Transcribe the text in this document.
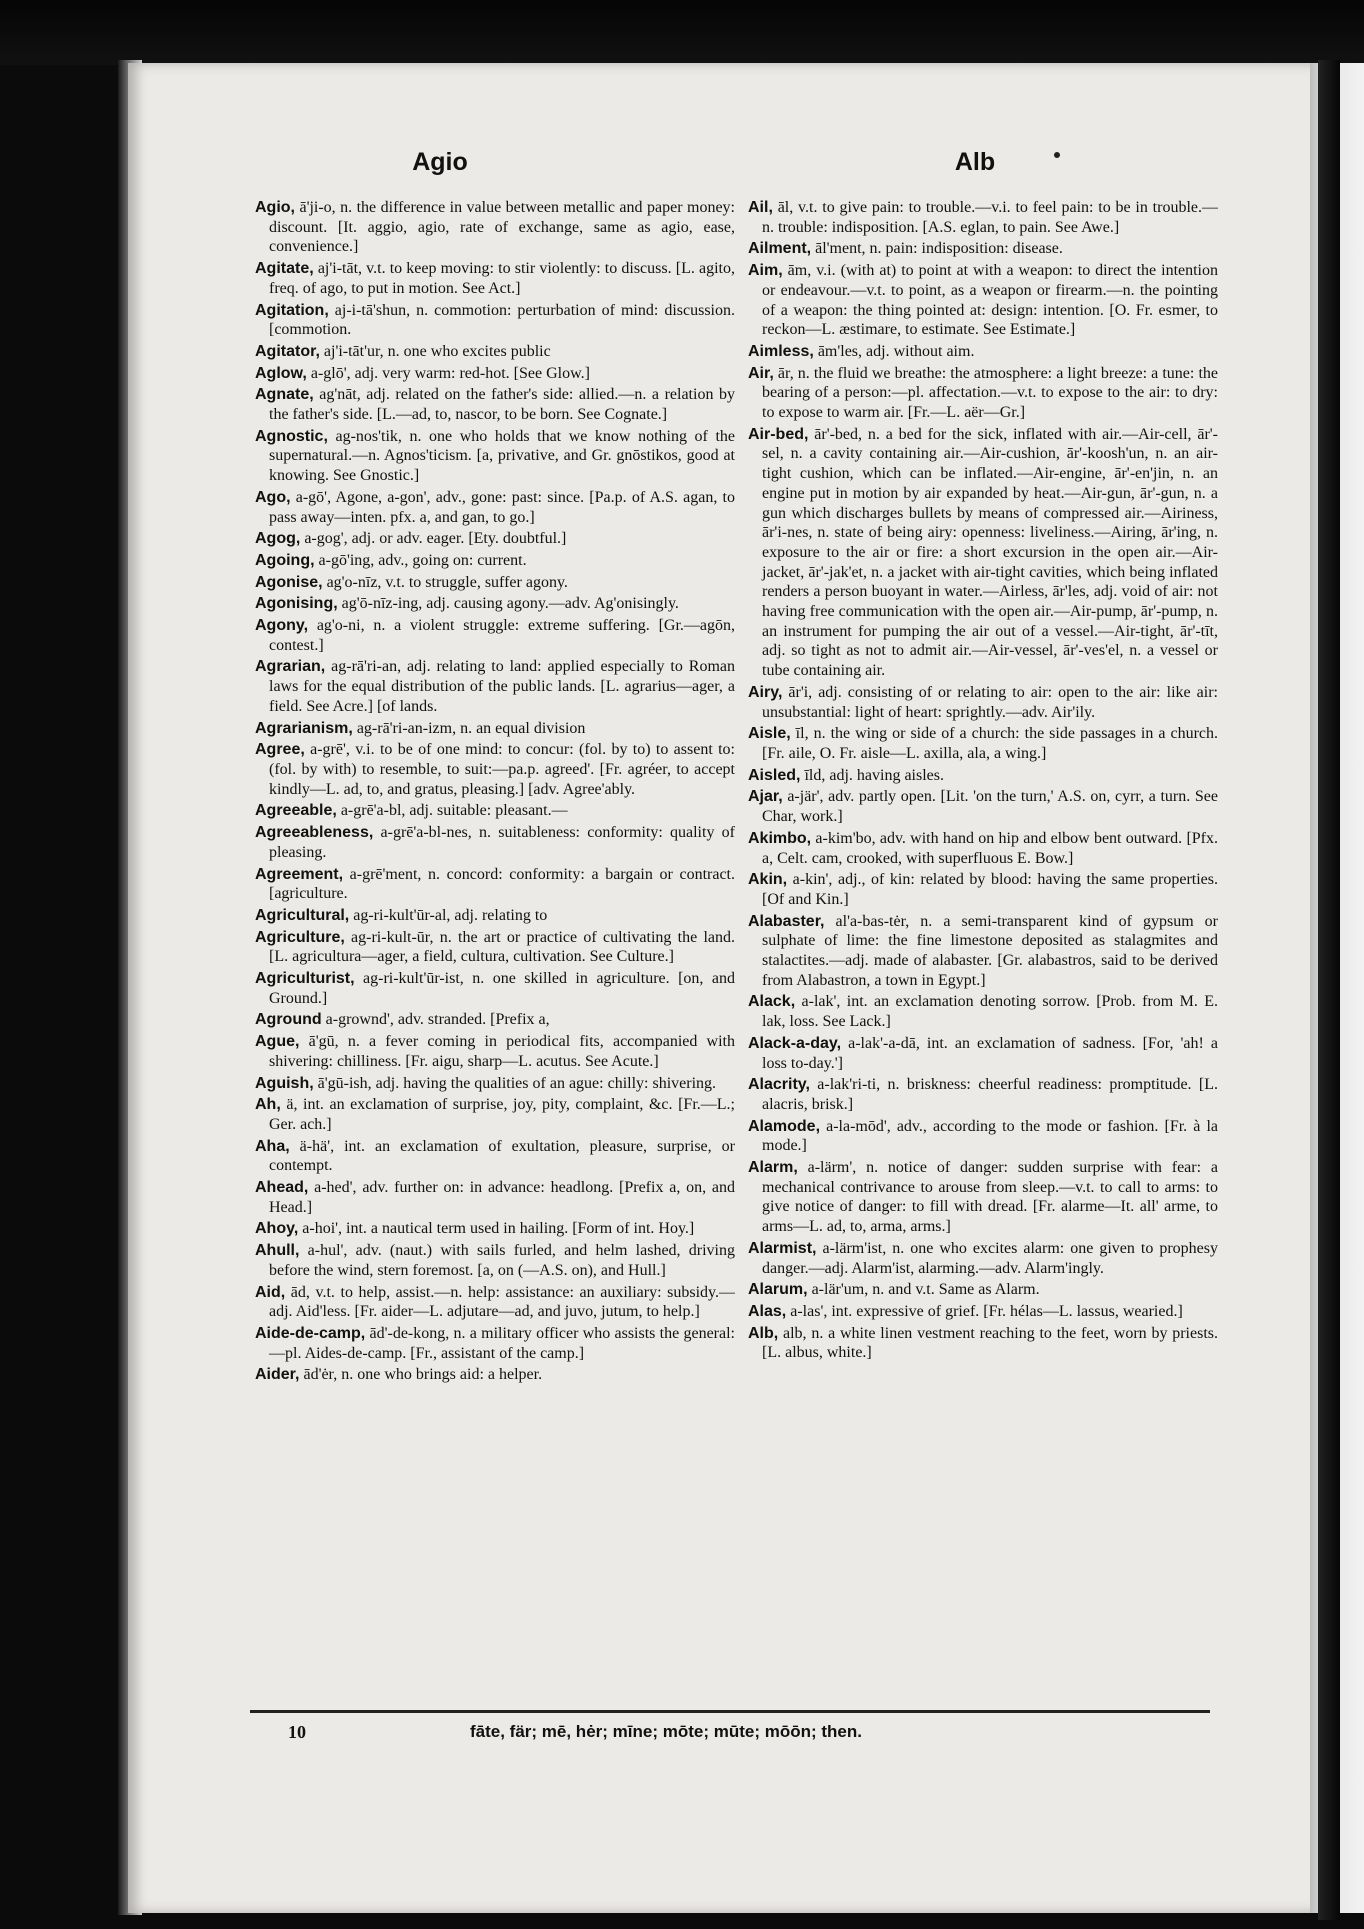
Agio	Alb

Agio, ā'ji-o, n. the difference in value between metallic and paper money: discount. [It. aggio, agio, rate of exchange, same as agio, ease, convenience.]

Agitate, aj'i-tāt, v.t. to keep moving: to stir violently: to discuss. [L. agito, freq. of ago, to put in motion. See Act.]

Agitation, aj-i-tā'shun, n. commotion: perturbation of mind: discussion. [commotion.

Agitator, aj'i-tāt'ur, n. one who excites public

Aglow, a-glō', adj. very warm: red-hot. [See Glow.]

Agnate, ag'nāt, adj. related on the father's side: allied.—n. a relation by the father's side. [L.—ad, to, nascor, to be born. See Cognate.]

Agnostic, ag-nos'tik, n. one who holds that we know nothing of the supernatural.—n. Agnos'ticism. [a, privative, and Gr. gnōstikos, good at knowing. See Gnostic.]

Ago, a-gō', Agone, a-gon', adv., gone: past: since. [Pa.p. of A.S. agan, to pass away—inten. pfx. a, and gan, to go.]

Agog, a-gog', adj. or adv. eager. [Ety. doubtful.]

Agoing, a-gō'ing, adv., going on: current.

Agonise, ag'o-nīz, v.t. to struggle, suffer agony.

Agonising, ag'ō-nīz-ing, adj. causing agony.—adv. Ag'onisingly.

Agony, ag'o-ni, n. a violent struggle: extreme suffering. [Gr.—agōn, contest.]

Agrarian, ag-rā'ri-an, adj. relating to land: applied especially to Roman laws for the equal distribution of the public lands. [L. agrarius—ager, a field. See Acre.] [of lands.

Agrarianism, ag-rā'ri-an-izm, n. an equal division

Agree, a-grē', v.i. to be of one mind: to concur: (fol. by to) to assent to: (fol. by with) to resemble, to suit:—pa.p. agreed'. [Fr. agréer, to accept kindly—L. ad, to, and gratus, pleasing.] [adv. Agree'ably.

Agreeable, a-grē'a-bl, adj. suitable: pleasant.—

Agreeableness, a-grē'a-bl-nes, n. suitableness: conformity: quality of pleasing.

Agreement, a-grē'ment, n. concord: conformity: a bargain or contract. [agriculture.

Agricultural, ag-ri-kult'ūr-al, adj. relating to

Agriculture, ag-ri-kult-ūr, n. the art or practice of cultivating the land. [L. agricultura—ager, a field, cultura, cultivation. See Culture.]

Agriculturist, ag-ri-kult'ūr-ist, n. one skilled in agriculture. [on, and Ground.]

Aground a-grownd', adv. stranded. [Prefix a,

Ague, ā'gū, n. a fever coming in periodical fits, accompanied with shivering: chilliness. [Fr. aigu, sharp—L. acutus. See Acute.]

Aguish, ā'gū-ish, adj. having the qualities of an ague: chilly: shivering.

Ah, ä, int. an exclamation of surprise, joy, pity, complaint, &c. [Fr.—L.; Ger. ach.]

Aha, ä-hä', int. an exclamation of exultation, pleasure, surprise, or contempt.

Ahead, a-hed', adv. further on: in advance: headlong. [Prefix a, on, and Head.]

Ahoy, a-hoi', int. a nautical term used in hailing. [Form of int. Hoy.]

Ahull, a-hul', adv. (naut.) with sails furled, and helm lashed, driving before the wind, stern foremost. [a, on (—A.S. on), and Hull.]

Aid, ād, v.t. to help, assist.—n. help: assistance: an auxiliary: subsidy.—adj. Aid'less. [Fr. aider—L. adjutare—ad, and juvo, jutum, to help.]

Aide-de-camp, ād'-de-kong, n. a military officer who assists the general:—pl. Aides-de-camp. [Fr., assistant of the camp.]

Aider, ād'ėr, n. one who brings aid: a helper.

Ail, āl, v.t. to give pain: to trouble.—v.i. to feel pain: to be in trouble.—n. trouble: indisposition. [A.S. eglan, to pain. See Awe.]

Ailment, āl'ment, n. pain: indisposition: disease.

Aim, ām, v.i. (with at) to point at with a weapon: to direct the intention or endeavour.—v.t. to point, as a weapon or firearm.—n. the pointing of a weapon: the thing pointed at: design: intention. [O. Fr. esmer, to reckon—L. æstimare, to estimate. See Estimate.]

Aimless, ām'les, adj. without aim.

Air, ār, n. the fluid we breathe: the atmosphere: a light breeze: a tune: the bearing of a person:—pl. affectation.—v.t. to expose to the air: to dry: to expose to warm air. [Fr.—L. aër—Gr.]

Air-bed, ār'-bed, n. a bed for the sick, inflated with air.—Air-cell, ār'-sel, n. a cavity containing air.—Air-cushion, ār'-koosh'un, n. an air-tight cushion, which can be inflated.—Air-engine, ār'-en'jin, n. an engine put in motion by air expanded by heat.—Air-gun, ār'-gun, n. a gun which discharges bullets by means of compressed air.—Airiness, ār'i-nes, n. state of being airy: openness: liveliness.—Airing, ār'ing, n. exposure to the air or fire: a short excursion in the open air.—Air-jacket, ār'-jak'et, n. a jacket with air-tight cavities, which being inflated renders a person buoyant in water.—Airless, ār'les, adj. void of air: not having free communication with the open air.—Air-pump, ār'-pump, n. an instrument for pumping the air out of a vessel.—Air-tight, ār'-tīt, adj. so tight as not to admit air.—Air-vessel, ār'-ves'el, n. a vessel or tube containing air.

Airy, ār'i, adj. consisting of or relating to air: open to the air: like air: unsubstantial: light of heart: sprightly.—adv. Air'ily.

Aisle, īl, n. the wing or side of a church: the side passages in a church. [Fr. aile, O. Fr. aisle—L. axilla, ala, a wing.]

Aisled, īld, adj. having aisles.

Ajar, a-jär', adv. partly open. [Lit. 'on the turn,' A.S. on, cyrr, a turn. See Char, work.]

Akimbo, a-kim'bo, adv. with hand on hip and elbow bent outward. [Pfx. a, Celt. cam, crooked, with superfluous E. Bow.]

Akin, a-kin', adj., of kin: related by blood: having the same properties. [Of and Kin.]

Alabaster, al'a-bas-tėr, n. a semi-transparent kind of gypsum or sulphate of lime: the fine limestone deposited as stalagmites and stalactites.—adj. made of alabaster. [Gr. alabastros, said to be derived from Alabastron, a town in Egypt.]

Alack, a-lak', int. an exclamation denoting sorrow. [Prob. from M. E. lak, loss. See Lack.]

Alack-a-day, a-lak'-a-dā, int. an exclamation of sadness. [For, 'ah! a loss to-day.']

Alacrity, a-lak'ri-ti, n. briskness: cheerful readiness: promptitude. [L. alacris, brisk.]

Alamode, a-la-mōd', adv., according to the mode or fashion. [Fr. à la mode.]

Alarm, a-lärm', n. notice of danger: sudden surprise with fear: a mechanical contrivance to arouse from sleep.—v.t. to call to arms: to give notice of danger: to fill with dread. [Fr. alarme—It. all' arme, to arms—L. ad, to, arma, arms.]

Alarmist, a-lärm'ist, n. one who excites alarm: one given to prophesy danger.—adj. Alarm'ist, alarming.—adv. Alarm'ingly.

Alarum, a-lär'um, n. and v.t. Same as Alarm.

Alas, a-las', int. expressive of grief. [Fr. hélas—L. lassus, wearied.]

Alb, alb, n. a white linen vestment reaching to the feet, worn by priests. [L. albus, white.]

10	fāte, fär; mē, hėr; mīne; mōte; mūte; mōōn; then.
